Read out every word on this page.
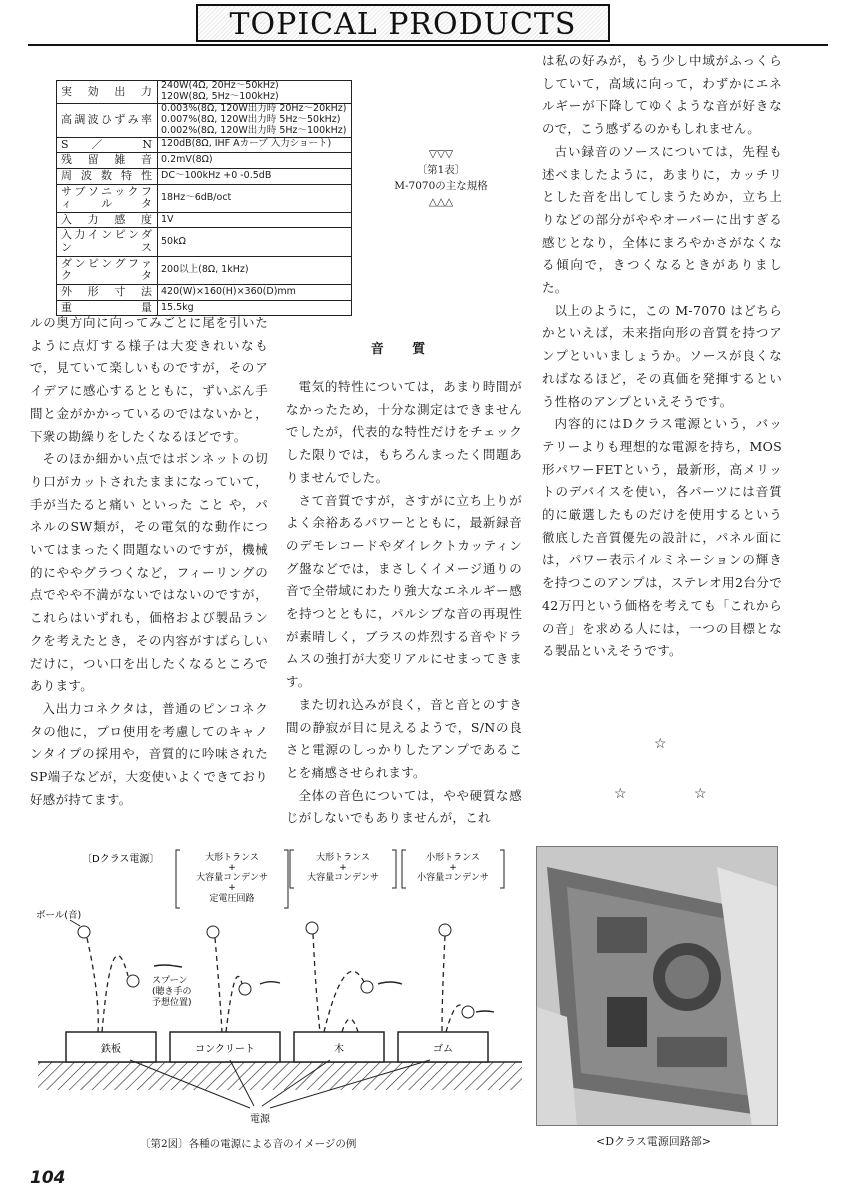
TOPICAL PRODUCTS
実 効 出 力	240W(4Ω, 20Hz～50kHz)
120W(8Ω, 5Hz～100kHz)

高調波ひずみ率	0.003%(8Ω, 120W出力時 20Hz～20kHz)
0.007%(8Ω, 120W出力時 5Hz～50kHz)
0.002%(8Ω, 120W出力時 5Hz～100kHz)

S ／ N	120dB(8Ω, IHF Aカーブ 入力ショート)

残 留 雑 音	0.2mV(8Ω)

周 波 数 特 性	DC～100kHz +0 -0.5dB

サブソニックフィルタ	18Hz～6dB/oct

入 力 感 度	1V

入力インピンダンス	50kΩ

ダンピングファクタ	200以上(8Ω, 1kHz)

外 形 寸 法	420(W)×160(H)×360(D)mm

重 量	15.5kg
▽▽▽
〔第1表〕
M-7070の主な規格
△△△

ルの奥方向に向ってみごとに尾を引いたように点灯する様子は大変きれいなもで，見ていて楽しいものですが，そのアイデアに感心するとともに，ずいぶん手間と金がかかっているのではないかと，下衆の勘繰りをしたくなるほどです。

そのほか細かい点ではボンネットの切り口がカットされたままになっていて，手が当たると痛い といった こと や，パネルのSW類が，その電気的な動作についてはまったく問題ないのですが，機械的にややグラつくなど，フィーリングの点でやや不満がないではないのですが，これらはいずれも，価格および製品ランクを考えたとき，その内容がすばらしいだけに，つい口を出したくなるところであります。

入出力コネクタは，普通のピンコネクタの他に，プロ使用を考慮してのキャノンタイプの採用や，音質的に吟味されたSP端子などが，大変使いよくできており好感が持てます。

音 質

電気的特性については，あまり時間がなかったため，十分な測定はできませんでしたが，代表的な特性だけをチェックした限りでは，もちろんまったく問題ありませんでした。

さて音質ですが，さすがに立ち上りがよく余裕あるパワーとともに，最新録音のデモレコードやダイレクトカッティング盤などでは，まさしくイメージ通りの音で全帯域にわたり強大なエネルギー感を持つとともに，パルシブな音の再現性が素晴しく，ブラスの炸烈する音やドラムスの強打が大変リアルにせまってきます。

また切れ込みが良く，音と音とのすき間の静寂が目に見えるようで，S/Nの良さと電源のしっかりしたアンプであることを痛感させられます。

全体の音色については，やや硬質な感じがしないでもありませんが，これ

は私の好みが，もう少し中域がふっくらしていて，高域に向って，わずかにエネルギーが下降してゆくような音が好きなので，こう感ずるのかもしれません。

古い録音のソースについては，先程も述べましたように，あまりに，カッチリとした音を出してしまうためか，立ち上りなどの部分がややオーバーに出すぎる感じとなり，全体にまろやかさがなくなる傾向で，きつくなるときがありました。

以上のように，この M-7070 はどちらかといえば，未来指向形の音質を持つアンプといいましょうか。ソースが良くなればなるほど，その真価を発揮するという性格のアンプといえそうです。

内容的にはDクラス電源という，バッテリーよりも理想的な電源を持ち，MOS形パワーFETという，最新形，高メリットのデバイスを使い，各パーツには音質的に厳選したものだけを使用するという徹底した音質優先の設計に，パネル面には，パワー表示イルミネーションの輝きを持つこのアンプは，ステレオ用2台分で42万円という価格を考えても「これからの音」を求める人には，一つの目標となる製品といえそうです。

☆
☆	☆
〔Dクラス電源〕	大形トランス
+
大容量コンデンサ
+
定電圧回路
大形トランス
+
大容量コンデンサ
小形トランス
+
小容量コンデンサ
ボール(音)
スプーン
(聴き手の
予想位置)
鉄板	コンクリート	木	ゴム
電源
〔第2図〕各種の電源による音のイメージの例	<Dクラス電源回路部>
104
